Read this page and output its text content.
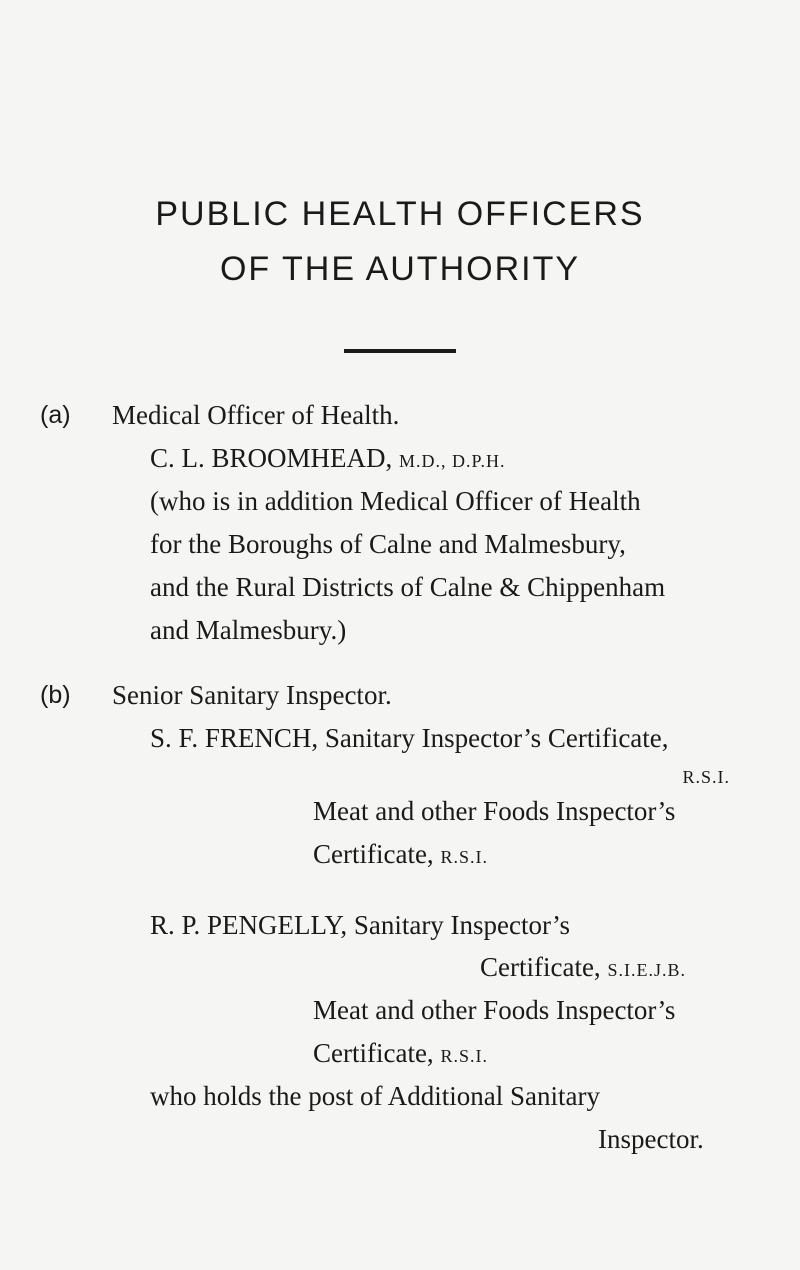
PUBLIC HEALTH OFFICERS
OF THE AUTHORITY
(a) Medical Officer of Health.
C. L. BROOMHEAD, M.D., D.P.H.
(who is in addition Medical Officer of Health
for the Boroughs of Calne and Malmesbury,
and the Rural Districts of Calne & Chippenham
and Malmesbury.)
(b) Senior Sanitary Inspector.
S. F. FRENCH, Sanitary Inspector’s Certificate,
R.S.I.
Meat and other Foods Inspector’s
Certificate, R.S.I.
R. P. PENGELLY, Sanitary Inspector’s
Certificate, S.I.E.J.B.
Meat and other Foods Inspector’s
Certificate, R.S.I.
who holds the post of Additional Sanitary
Inspector.
